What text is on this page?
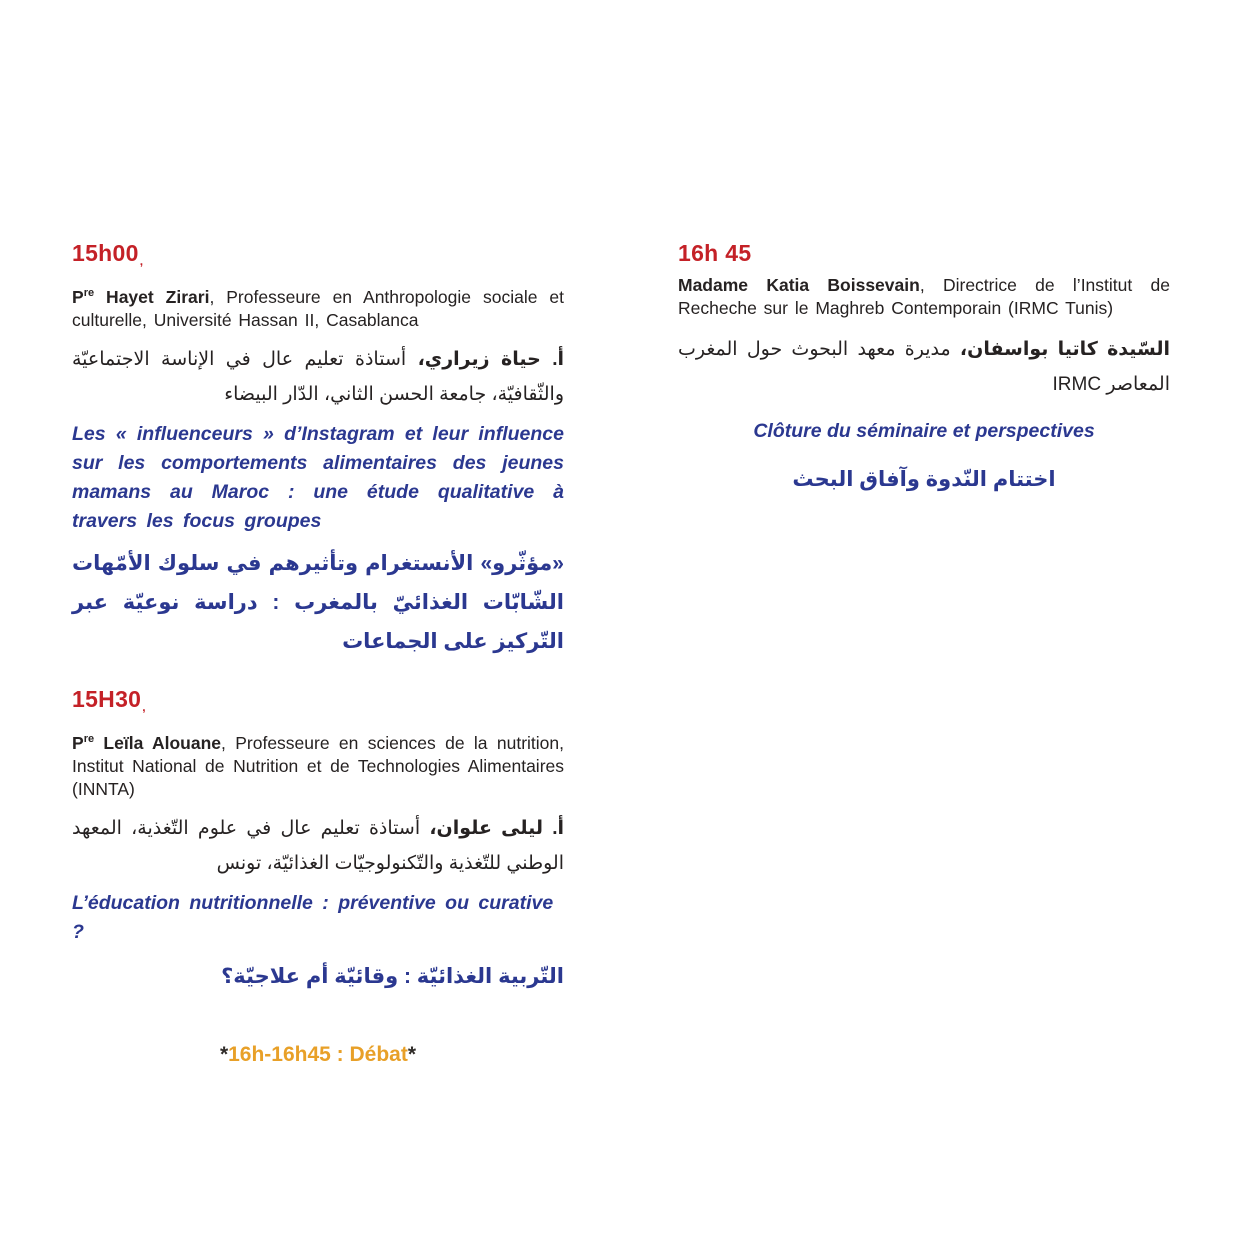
15h00,

$P^{re}$ Hayet Zirari, Professeure en Anthropologie sociale et culturelle, Université Hassan II, Casablanca

أ. حياة زيراري، أستاذة تعليم عال في الإناسة الاجتماعيّة والثّقافيّة، جامعة الحسن الثاني، الدّار البيضاء

Les « influenceurs » d’Instagram et leur influence sur les comportements alimentaires des jeunes mamans au Maroc : une étude qualitative à travers les focus groupes

«مؤثّرو» الأنستغرام وتأثيرهم في سلوك الأمّهات الشّابّات الغذائيّ بالمغرب : دراسة نوعيّة عبر التّركيز على الجماعات

15H30,

$P^{re}$ Leïla Alouane, Professeure en sciences de la nutrition, Institut National de Nutrition et de Technologies Alimentaires (INNTA)

أ. ليلى علوان، أستاذة تعليم عال في علوم التّغذية، المعهد الوطني للتّغذية والتّكنولوجيّات الغذائيّة، تونس

L’éducation nutritionnelle : préventive ou curative ?

التّربية الغذائيّة : وقائيّة أم علاجيّة؟

*16h-16h45 : Débat*
16h 45

Madame Katia Boissevain, Directrice de l’Institut de Recheche sur le Maghreb Contemporain (IRMC Tunis)

السّيدة كاتيا بواسفان، مديرة معهد البحوث حول المغرب

المعاصر IRMC

Clôture du séminaire et perspectives

اختتام النّدوة وآفاق البحث
